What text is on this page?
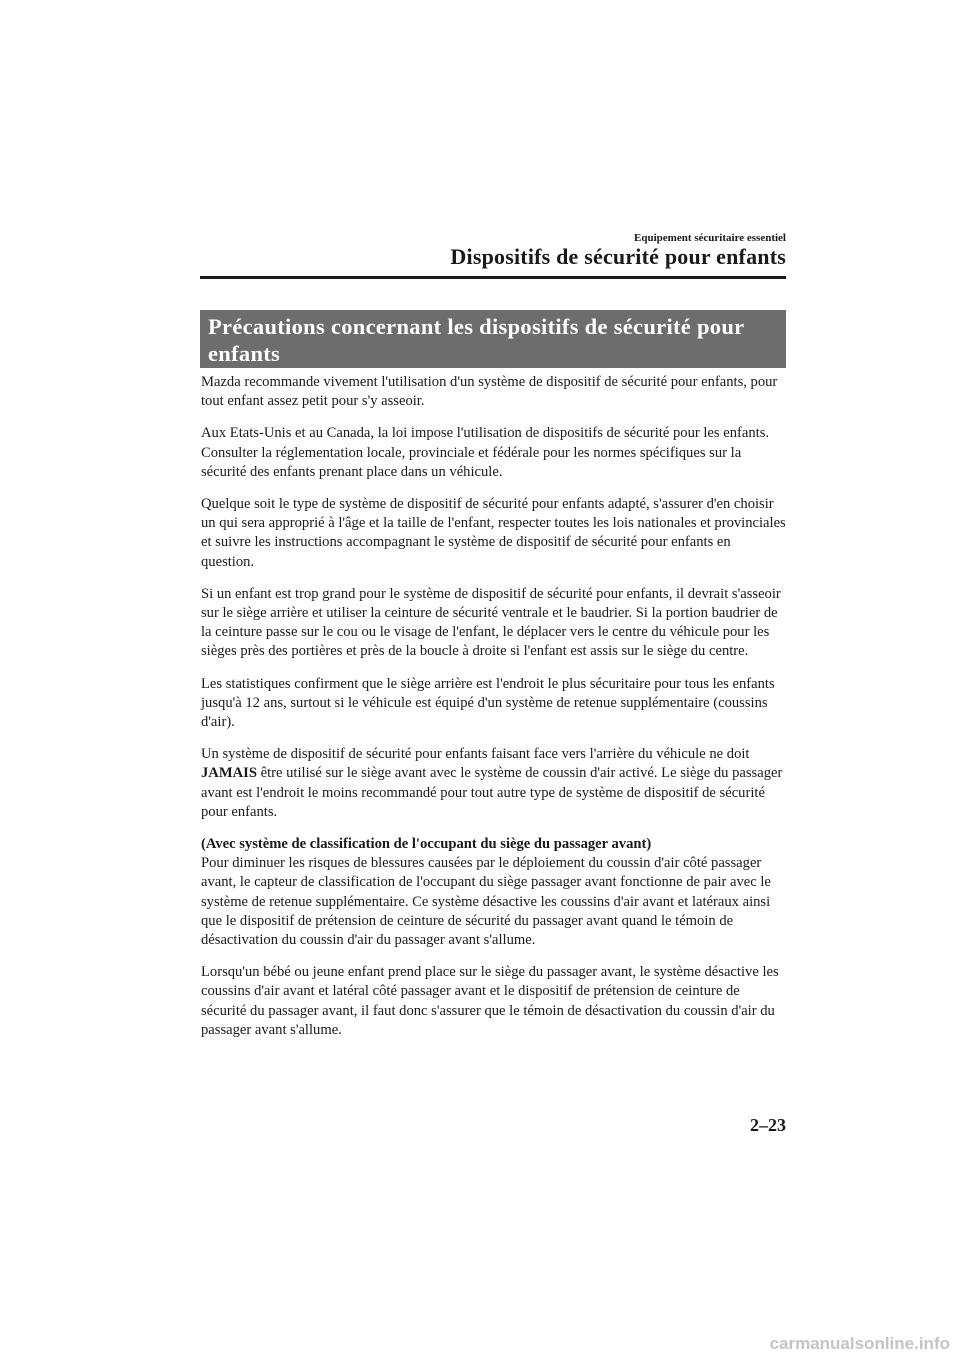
Equipement sécuritaire essentiel
Dispositifs de sécurité pour enfants
Précautions concernant les dispositifs de sécurité pour enfants

Mazda recommande vivement l'utilisation d'un système de dispositif de sécurité pour enfants, pour tout enfant assez petit pour s'y asseoir.

Aux Etats-Unis et au Canada, la loi impose l'utilisation de dispositifs de sécurité pour les enfants.

Consulter la réglementation locale, provinciale et fédérale pour les normes spécifiques sur la sécurité des enfants prenant place dans un véhicule.

Quelque soit le type de système de dispositif de sécurité pour enfants adapté, s'assurer d'en choisir un qui sera approprié à l'âge et la taille de l'enfant, respecter toutes les lois nationales et provinciales et suivre les instructions accompagnant le système de dispositif de sécurité pour enfants en question.

Si un enfant est trop grand pour le système de dispositif de sécurité pour enfants, il devrait s'asseoir sur le siège arrière et utiliser la ceinture de sécurité ventrale et le baudrier. Si la portion baudrier de la ceinture passe sur le cou ou le visage de l'enfant, le déplacer vers le centre du véhicule pour les sièges près des portières et près de la boucle à droite si l'enfant est assis sur le siège du centre.

Les statistiques confirment que le siège arrière est l'endroit le plus sécuritaire pour tous les enfants jusqu'à 12 ans, surtout si le véhicule est équipé d'un système de retenue supplémentaire (coussins d'air).

Un système de dispositif de sécurité pour enfants faisant face vers l'arrière du véhicule ne doit JAMAIS être utilisé sur le siège avant avec le système de coussin d'air activé. Le siège du passager avant est l'endroit le moins recommandé pour tout autre type de système de dispositif de sécurité pour enfants.

(Avec système de classification de l'occupant du siège du passager avant)

Pour diminuer les risques de blessures causées par le déploiement du coussin d'air côté passager avant, le capteur de classification de l'occupant du siège passager avant fonctionne de pair avec le système de retenue supplémentaire. Ce système désactive les coussins d'air avant et latéraux ainsi que le dispositif de prétension de ceinture de sécurité du passager avant quand le témoin de désactivation du coussin d'air du passager avant s'allume.

Lorsqu'un bébé ou jeune enfant prend place sur le siège du passager avant, le système désactive les coussins d'air avant et latéral côté passager avant et le dispositif de prétension de ceinture de sécurité du passager avant, il faut donc s'assurer que le témoin de désactivation du coussin d'air du passager avant s'allume.

2–23
carmanualsonline.info
